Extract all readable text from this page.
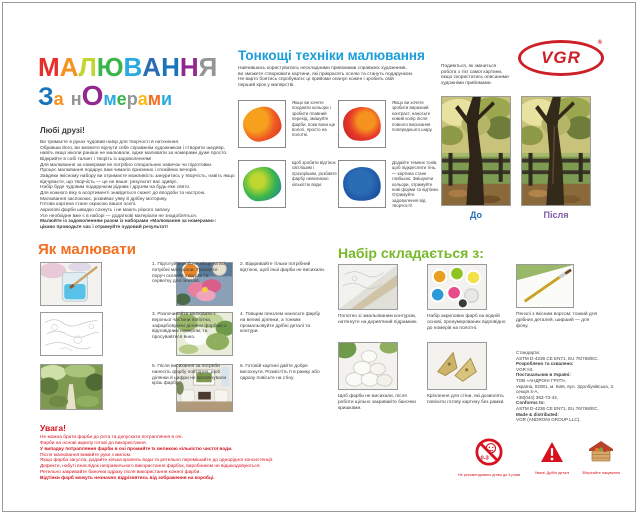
МАЛЮВАННЯ
За нОмерами
Любі друзі!
Ви тримаєте в руках чудовий набір для творчості й натхнення.
Обравши його, ви зможете відчути себе справжнім художником і створити шедевр,
навіть якщо ніколи раніше не малювали, адже малювати за номерами дуже просто.
Відкрийте в собі талант і творіть із задоволенням!
Для малювання за номерами не потрібно спеціальних навичок чи підготовки.
Процес малювання подарує вам чимало приємних і спокійних вечорів.
Завдяки якісному набору ви отримаєте можливість зануритись у творчість, навіть якщо
відчуваєте, що творчість — це не ваше: результат вас здивує.
Набір буде чудовим подарунком рідним і друзям на будь-яке свято.
Для кожного віку в асортименті знайдеться сюжет до вподоби та настрою.
Малювання заспокоює, розвиває уяву й дрібну моторику.
Готова картина стане окрасою вашої оселі.
Акрилові фарби швидко сохнуть і не мають різкого запаху.
Усе необхідне вже є в наборі — додаткові матеріали не знадобляться.
Малюйте із задоволенням разом із наборами «Малювання за номерами»:
цікаво проводьте час і отримуйте чудовий результат!
Тонкощі техніки малювання
Навчившись користуватись нескладними прийомами справжніх художників,
ви зможете створювати картини, які прикрасять оселю та стануть подарунком.
Не варто боятись спробувати: ці прийоми опанує кожен і зробить свій
перший крок у малярстві.
Якщо ви хочете поєднати кольори і зробити плавний перехід, змішуйте фарби, поки вони ще вологі, просто на полотні.
Якщо ви хочете зробити виразний контраст, наносьте новий колір після повного висихання попереднього шару.
Щоб зробити відтінок світлішим і прозорішим, розбавте фарбу невеликою кількістю води.
Додайте темних тонів, щоб підкреслити тінь, — картина стане глибшою. Змішуючи кольори, отримуйте нові форми та відтінки. Отримуйте задоволення від творчості!
VGR
®
Подивіться, як зміниться
робота з тієї самої картини,
якщо скористатись описаними
художніми прийомами.
До	Після
Як малювати
1. Підготуйте робоче місце та всі потрібні матеріали. Тримайте поруч склянку з водою та серветку для пензлів.
2. Відкривайте тільки потрібний відтінок, щоб інші фарби не висихали.
3. Розпочинайте малювати з верхньої частини полотна, зафарбовуючи ділянки фарбою з відповідним номером, та просувайтеся вниз.
4. Товщим пензлем наносьте фарбу на великі ділянки, а тонким промальовуйте дрібні деталі та контури.
5. Після висихання за потреби нанесіть фарбу повторно, щоб ділянки й цифри не просвічували крізь фарбу.
6. Готовій картині дайте добре висохнути. Розмістіть її в рамку або одразу повісьте на стіну.
Увага!
Не можна брати фарби до рота та допускати потрапляння в очі.
Фарби на основі акрилу готові до використання.
У випадку потрапляння фарби в очі промийте їх великою кількістю чистої води.
Після малювання вимийте руки з милом.
Якщо фарба загусла, додайте кілька крапель води та ретельно перемішайте до однорідної консистенції.
Дефекти, набуті внаслідок неправильного використання фарбок, виробником не відшкодовуються.
Ретельно закривайте баночки одразу після використання кожної фарби.
Відтінки фарб можуть незначно відрізнятись від зображення на коробці.
Набір складається з:
Полотно зі змальованим контуром, натягнуте на дерев'яний підрамник.
Набір акрилових фарб на водній основі, пронумерованих відповідно до номерів на полотні.
Пензлі з якісним ворсом: тонкий для дрібних деталей, ширший — для фону.
Щоб фарби не висихали, після роботи щільно закривайте баночки кришками.
Кріплення для стіни, які дозволять повісити готову картину без рамки.
Стандарти:
ASTM D-4236 CE EN71, EU 76/768/EC.
Розроблено та схвалено:
VGR Int.
Постачальник в Україні:
ТОВ «АНДРОНІ ГРУП»,
Україна, 02081, м. Київ, вул. Здолбунівська, 3, секція 4-А,
+38(044) 353-73-43.
Conforms to:
ASTM D-4236 CE EN71, EU 76/768/EC.
Made & distributed:
VGR (ANDRONI GROUP LLC).
0-3
Не рекомендовано дітям до 3 років	Увага! Дрібні деталі	Зберігайте пакування
